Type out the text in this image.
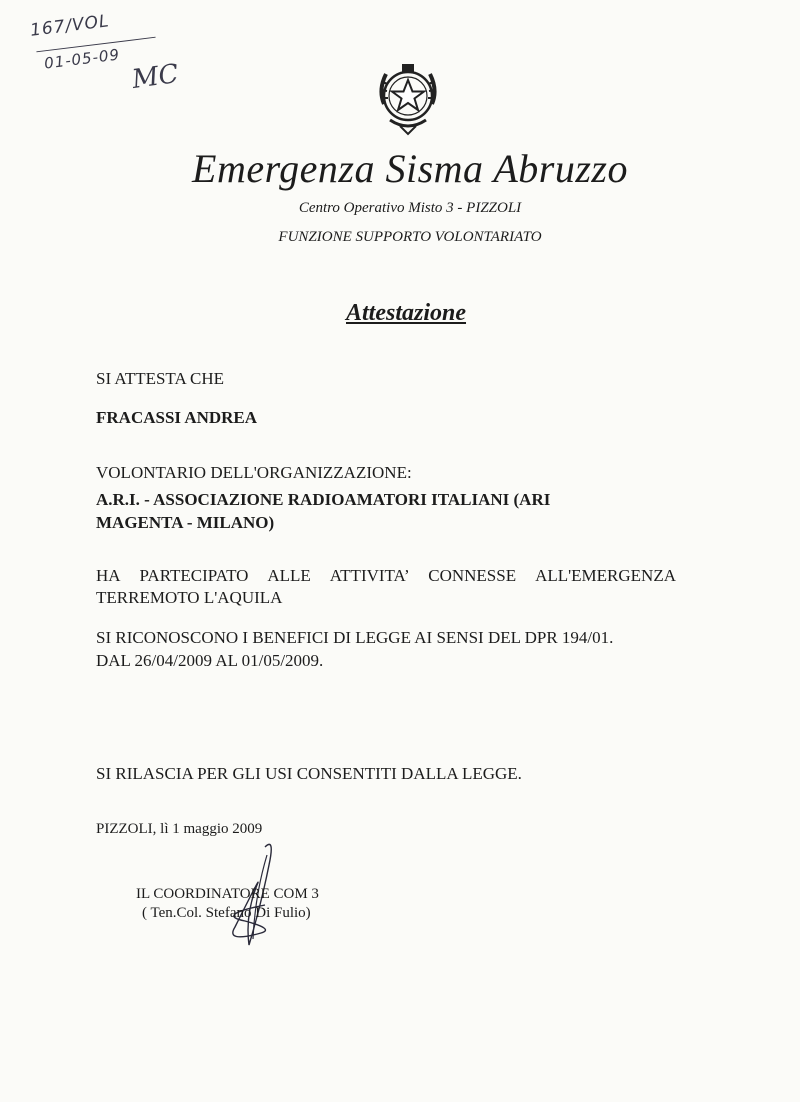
167/VOL
01-05-09 MC
Emergenza Sisma Abruzzo
Centro Operativo Misto 3 - PIZZOLI
FUNZIONE SUPPORTO VOLONTARIATO
Attestazione
SI ATTESTA CHE
FRACASSI ANDREA
VOLONTARIO DELL'ORGANIZZAZIONE:
A.R.I. - ASSOCIAZIONE RADIOAMATORI ITALIANI (ARI
MAGENTA - MILANO)
HA PARTECIPATO ALLE ATTIVITA’ CONNESSE ALL'EMERGENZA
TERREMOTO L'AQUILA
SI RICONOSCONO I BENEFICI DI LEGGE AI SENSI DEL DPR 194/01.
DAL 26/04/2009 AL 01/05/2009.
SI RILASCIA PER GLI USI CONSENTITI DALLA LEGGE.
PIZZOLI, lì 1 maggio 2009
IL COORDINATORE COM 3
( Ten.Col. Stefano Di Fulio)
